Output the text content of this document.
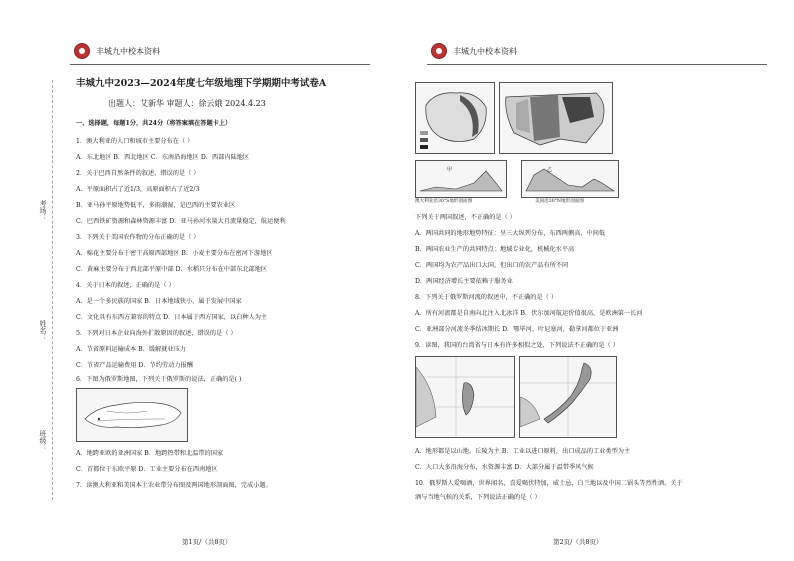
丰城九中校本资料
考场：
姓名：
班级：
丰城九中2023—2024年度七年级地理下学期期中考试卷A
出题人：艾新华 审题人：徐云娥 2024.4.23
一、选择题，每题1分，共24分（将答案填在答题卡上）
1．澳大利亚的人口和城市主要分布在（ ）
A．东北地区 B．西北地区 C．东南沿海地区 D．西部内陆地区
2．关于巴西自然条件的叙述，错误的是（ ）
A．平原面积占了近1/3，高原面积占了近2/3
B．亚马孙平原地势低平，多雨潮湿，是巴西的主要农业区
C．巴西铁矿资源和森林资源丰富 D．亚马孙河水量大且流量稳定，航运便利
3．下列关于美国农作物的分布正确的是（ ）
A．棉花主要分布于密干高原西部地区 B．小麦主要分布在密河下游地区
C．黄麻主要分布于西北部平原中部 D．水稻只分布在中部东北部地区
4．关于日本的叙述，正确的是（ ）
A．是一个多民族的国家 B．日本地域狭小，属于发展中国家
C．文化具有东西方兼容的特点 D．日本属于西方国家，以白种人为主
5．下列对日本企业向海外扩散原因的叙述，错误的是（ ）
A．节省原料运输成本 B．缓解就业压力
C．节省产品运输费用 D．节约劳动力报酬
6．下图为俄罗斯地图，下列关于俄罗斯的说法，正确的是( )
A．地跨亚欧的亚洲国家 B．地跨热带和北温带的国家
C．首都位于东欧平原 D．工业主要分布在西南地区
7．读澳大利亚和美国本土农业带分布图及两国地形剖面图，完成小题。
第1页/（共8页）
丰城九中校本资料
甲
澳大利亚沿30°S地形剖面图
乙
美国沿30°N地形剖面图
下列关于两国叙述，不正确的是（ ）
A．两国共同的地形地势特征：呈三大纵列分布，东西两侧高，中间低
B．两国农业生产的共同特点：地域专业化，机械化水平高
C．两国均为农产品出口大国，但出口的农产品有所不同
D．两国经济增长主要依赖于服务业
8．下列关于俄罗斯河流的叙述中，不正确的是（ ）
A．所有河流都是自南向北注入北冰洋 B．伏尔加河航运价值很高，是欧洲第一长河
C．亚洲部分河流冬季结冰期长 D．鄂毕河、叶尼塞河，勒拿河都位于亚洲
9．读图，我国的台湾省与日本有许多相似之处，下列说法不正确的是（ ）
A．地形都是以山地、丘陵为主 B．工业以进口原料，出口成品的工业类型为主
C．人口大多沿海分布，水资源丰富 D．大部分属于温带季风气候
10．俄罗斯人爱喝酒，世界闻名，喜爱喝伏特加，威士忌，白兰地以及中国二锅头等烈性酒。关于
酒与当地气候的关系，下列说法正确的是（ ）
第2页/（共8页）
